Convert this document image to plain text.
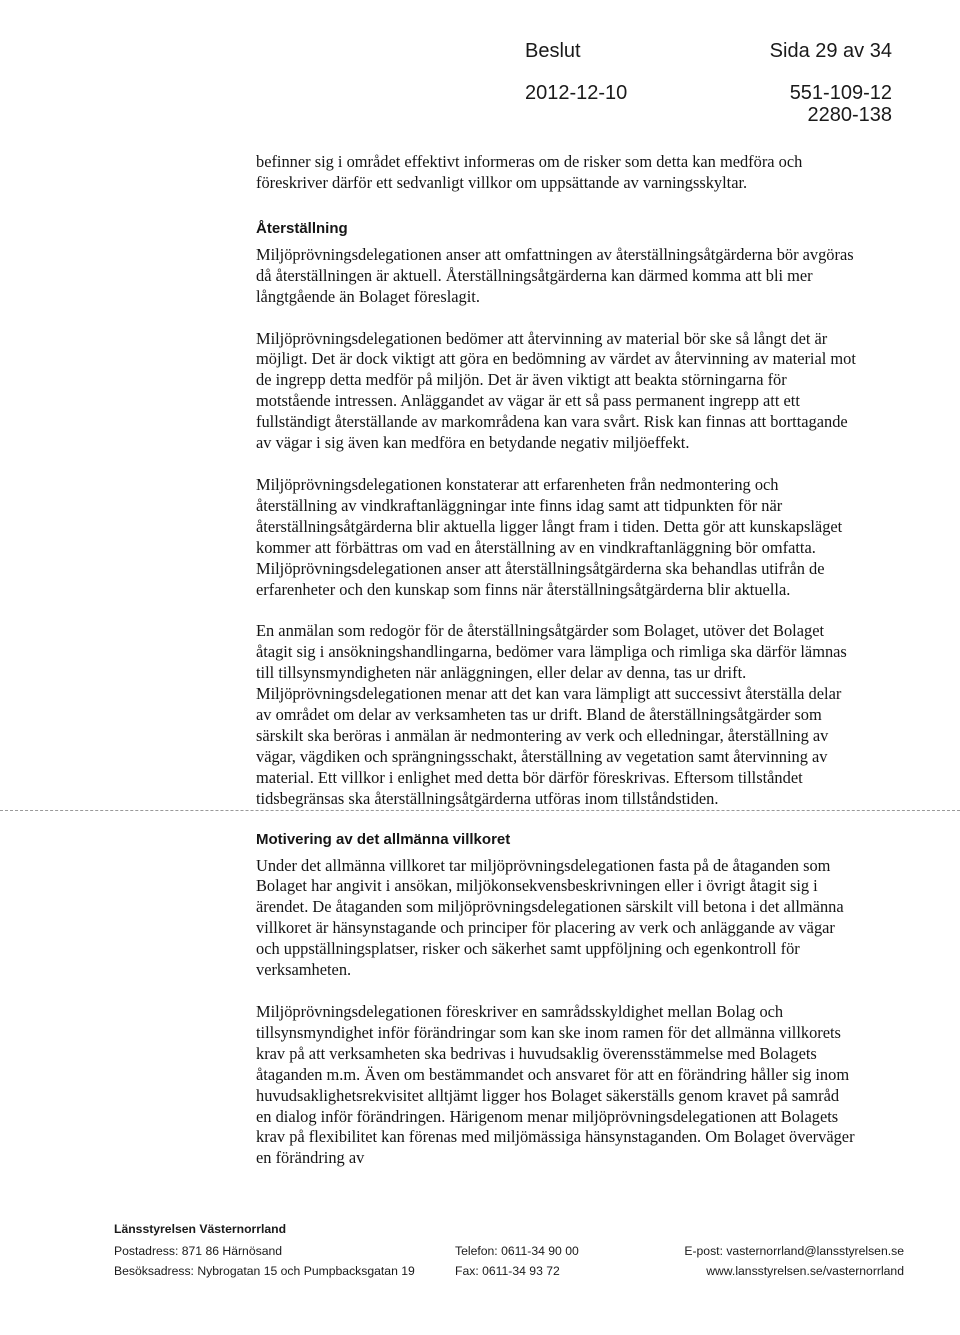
Beslut	Sida 29 av 34
2012-12-10	551-109-12
2280-138

befinner sig i området effektivt informeras om de risker som detta kan medföra och föreskriver därför ett sedvanligt villkor om uppsättande av varningsskyltar.

Återställning

Miljöprövningsdelegationen anser att omfattningen av återställningsåtgärderna bör avgöras då återställningen är aktuell. Återställningsåtgärderna kan därmed komma att bli mer långtgående än Bolaget föreslagit.

Miljöprövningsdelegationen bedömer att återvinning av material bör ske så långt det är möjligt. Det är dock viktigt att göra en bedömning av värdet av återvinning av material mot de ingrepp detta medför på miljön. Det är även viktigt att beakta störningarna för motstående intressen. Anläggandet av vägar är ett så pass permanent ingrepp att ett fullständigt återställande av markområdena kan vara svårt. Risk kan finnas att borttagande av vägar i sig även kan medföra en betydande negativ miljöeffekt.

Miljöprövningsdelegationen konstaterar att erfarenheten från nedmontering och återställning av vindkraftanläggningar inte finns idag samt att tidpunkten för när återställningsåtgärderna blir aktuella ligger långt fram i tiden. Detta gör att kunskapsläget kommer att förbättras om vad en återställning av en vindkraftanläggning bör omfatta. Miljöprövningsdelegationen anser att återställningsåtgärderna ska behandlas utifrån de erfarenheter och den kunskap som finns när återställningsåtgärderna blir aktuella.

En anmälan som redogör för de återställningsåtgärder som Bolaget, utöver det Bolaget åtagit sig i ansökningshandlingarna, bedömer vara lämpliga och rimliga ska därför lämnas till tillsynsmyndigheten när anläggningen, eller delar av denna, tas ur drift. Miljöprövningsdelegationen menar att det kan vara lämpligt att successivt återställa delar av området om delar av verksamheten tas ur drift. Bland de återställningsåtgärder som särskilt ska beröras i anmälan är nedmontering av verk och elledningar, återställning av vägar, vägdiken och sprängningsschakt, återställning av vegetation samt återvinning av material. Ett villkor i enlighet med detta bör därför föreskrivas. Eftersom tillståndet tidsbegränsas ska återställningsåtgärderna utföras inom tillståndstiden.

Motivering av det allmänna villkoret

Under det allmänna villkoret tar miljöprövningsdelegationen fasta på de åtaganden som Bolaget har angivit i ansökan, miljökonsekvensbeskrivningen eller i övrigt åtagit sig i ärendet. De åtaganden som miljöprövningsdelegationen särskilt vill betona i det allmänna villkoret är hänsynstagande och principer för placering av verk och anläggande av vägar och uppställningsplatser, risker och säkerhet samt uppföljning och egenkontroll för verksamheten.

Miljöprövningsdelegationen föreskriver en samrådsskyldighet mellan Bolag och tillsynsmyndighet inför förändringar som kan ske inom ramen för det allmänna villkorets krav på att verksamheten ska bedrivas i huvudsaklig överensstämmelse med Bolagets åtaganden m.m. Även om bestämmandet och ansvaret för att en förändring håller sig inom huvudsaklighetsrekvisitet alltjämt ligger hos Bolaget säkerställs genom kravet på samråd en dialog inför förändringen. Härigenom menar miljöprövningsdelegationen att Bolagets krav på flexibilitet kan förenas med miljömässiga hänsynstaganden. Om Bolaget överväger en förändring av

Länsstyrelsen Västernorrland
Postadress: 871 86 Härnösand
Besöksadress: Nybrogatan 15 och Pumpbacksgatan 19
Telefon: 0611-34 90 00
Fax: 0611-34 93 72
E-post: vasternorrland@lansstyrelsen.se
www.lansstyrelsen.se/vasternorrland
